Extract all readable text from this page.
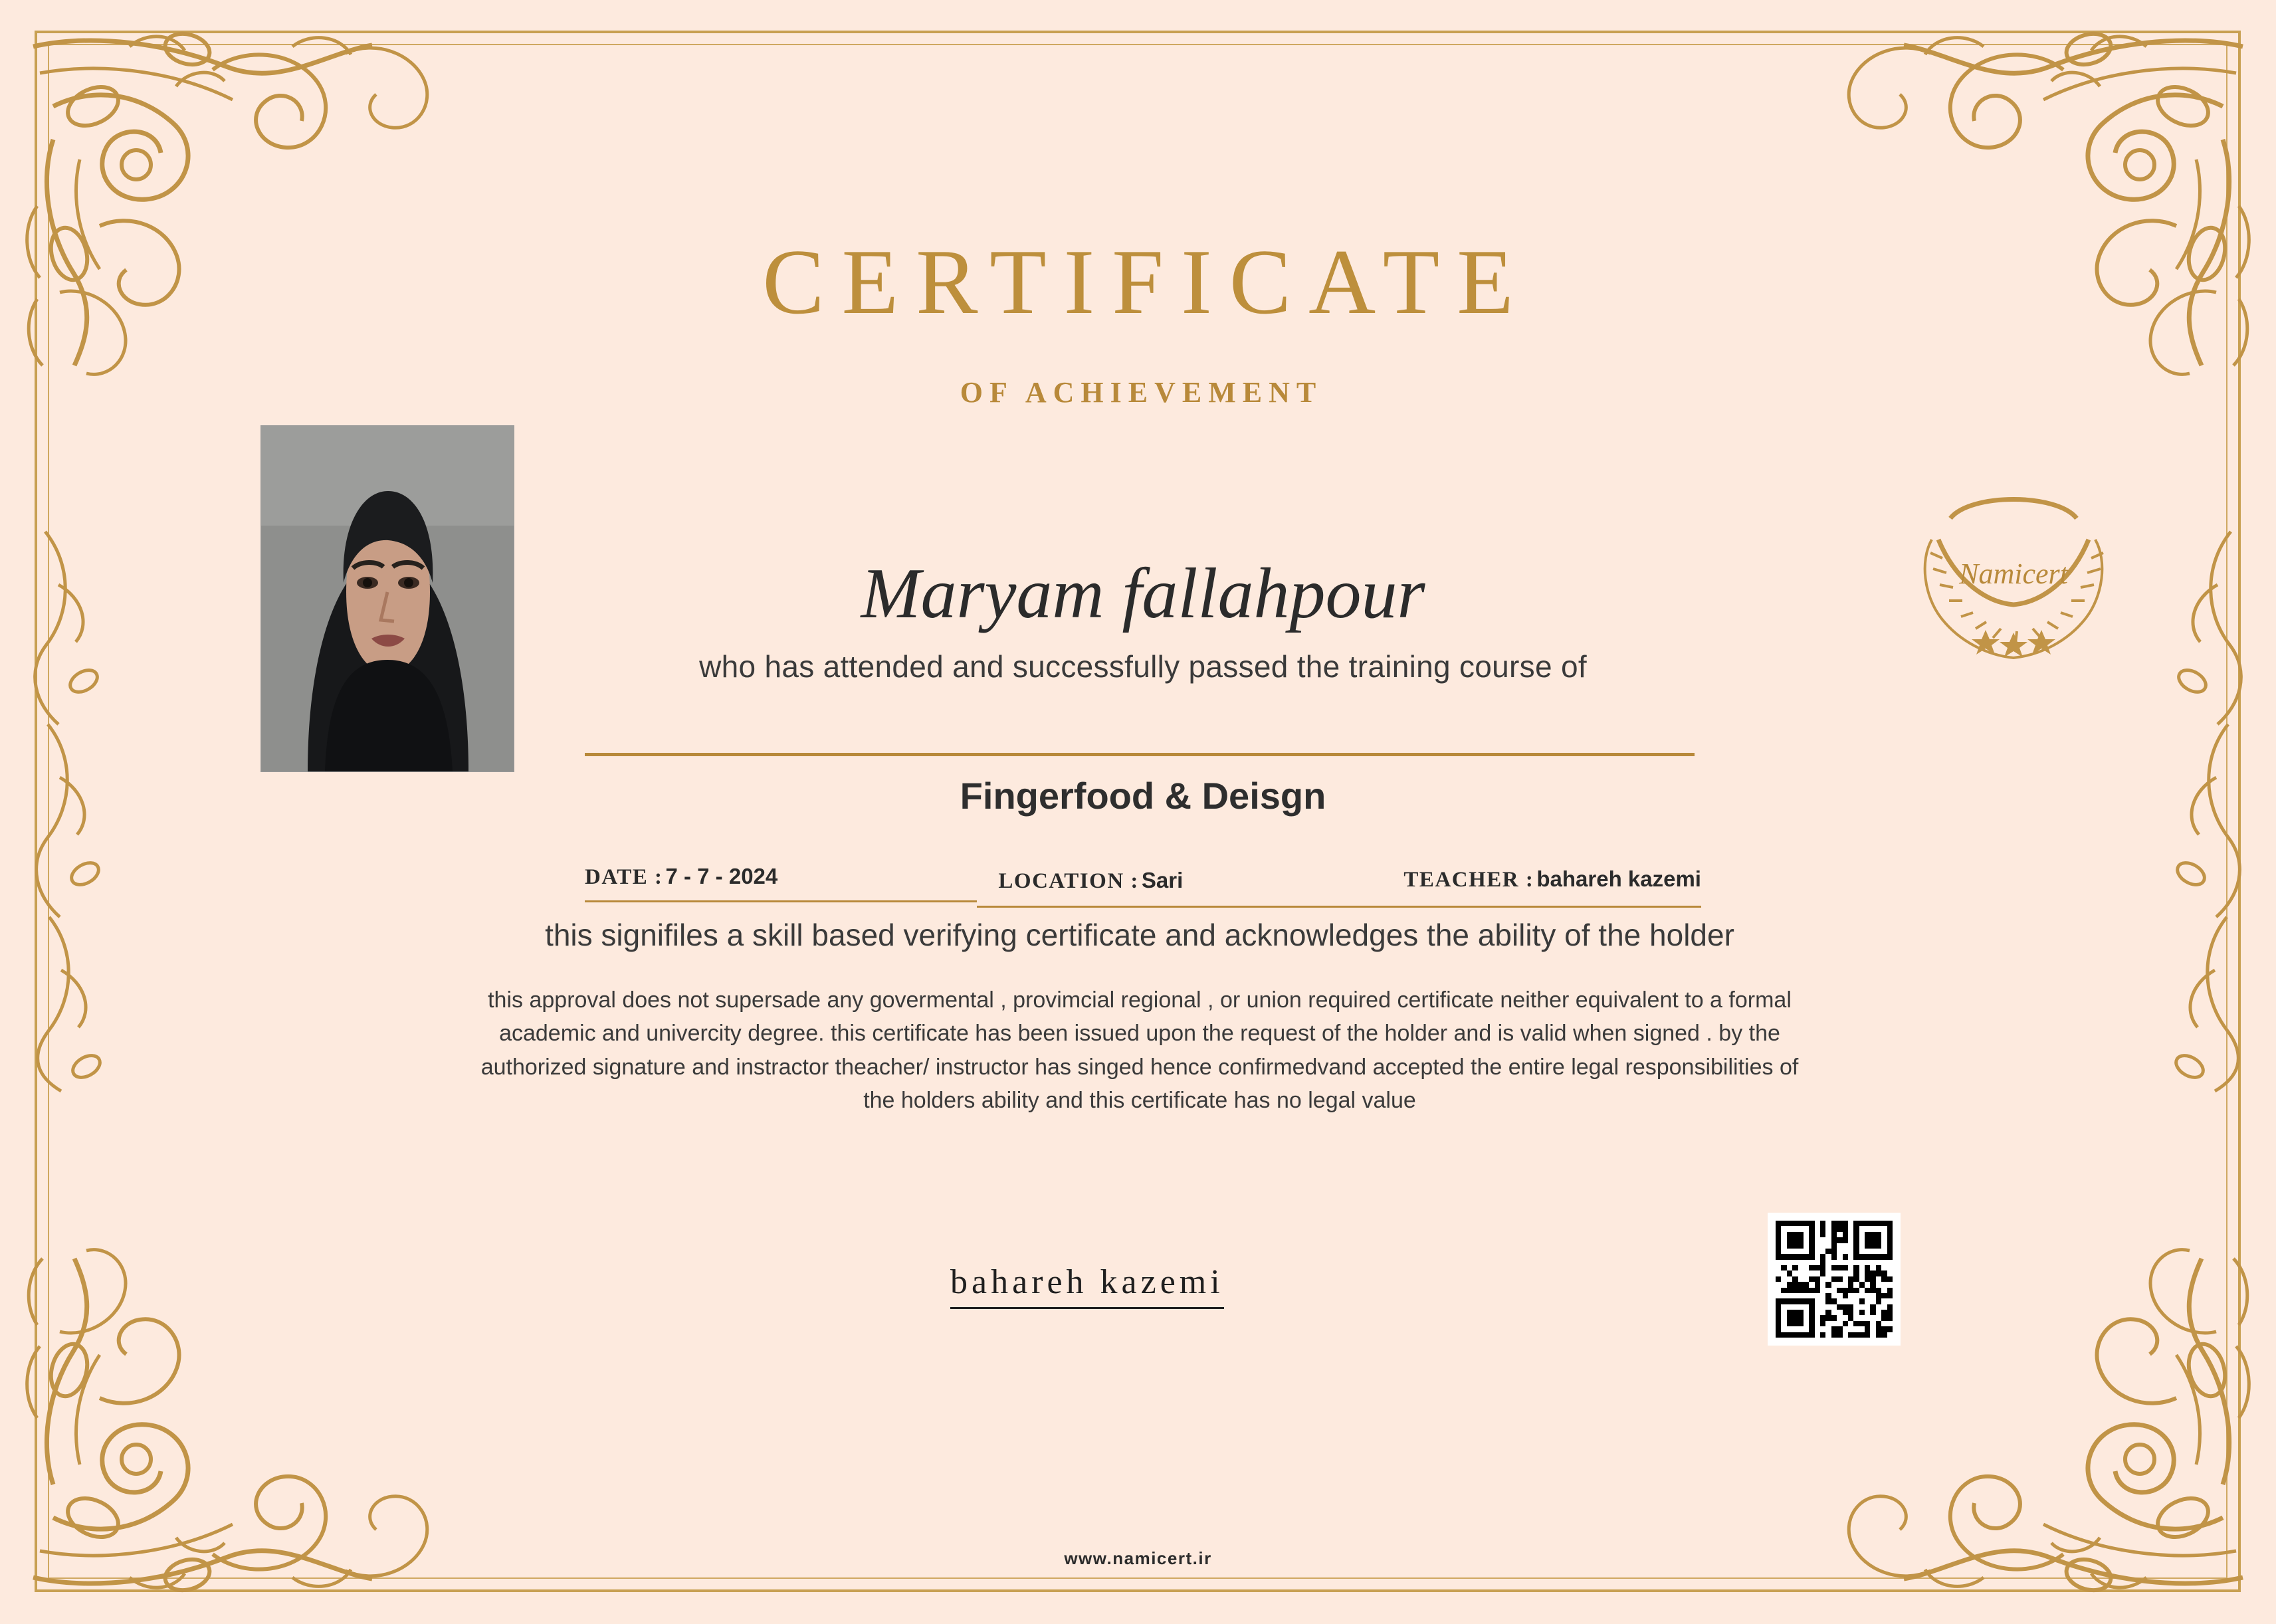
CERTIFICATE
OF ACHIEVEMENT
Namicert
Maryam fallahpour
who has attended and successfully passed the training course of
Fingerfood & Deisgn
DATE : 7 - 7 - 2024	LOCATION : Sari	TEACHER : bahareh kazemi
this signifiles a skill based verifying certificate and acknowledges the ability of the holder
this approval does not supersade any govermental , provimcial regional , or union required certificate neither equivalent to a formal academic and univercity degree. this certificate has been issued upon the request of the holder and is valid when signed . by the authorized signature and instractor theacher/ instructor has singed hence confirmedvand accepted the entire legal responsibilities of the holders ability and this certificate has no legal value
bahareh kazemi
www.namicert.ir
